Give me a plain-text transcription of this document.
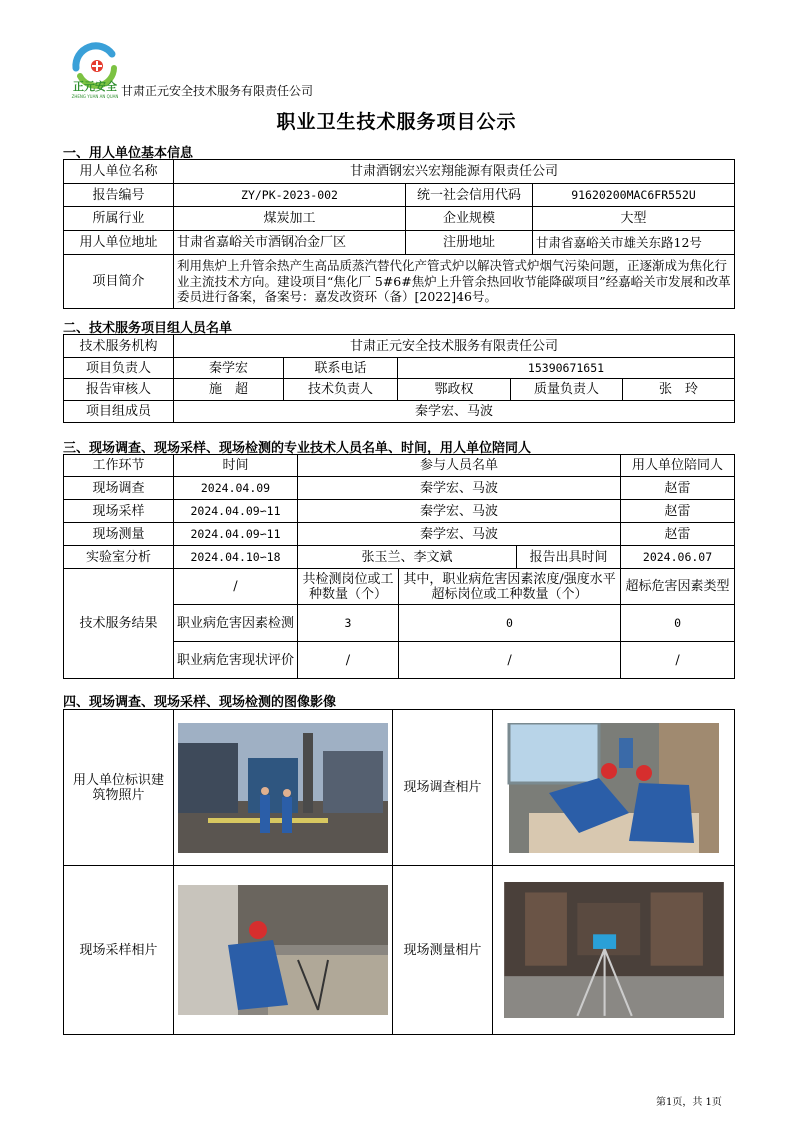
正元安全
ZHENG YUAN AN QUAN 甘肃正元安全技术服务有限责任公司
职业卫生技术服务项目公示
一、用人单位基本信息
用人单位名称	甘肃酒钢宏兴宏翔能源有限责任公司		
报告编号	ZY/PK-2023-002	统一社会信用代码	91620200MAC6FR552U
所属行业	煤炭加工	企业规模	大型
用人单位地址	甘肃省嘉峪关市酒钢冶金厂区	注册地址	甘肃省嘉峪关市雄关东路12号
项目简介	利用焦炉上升管余热产生高品质蒸汽替代化产管式炉以解决管式炉烟气污染问题，正逐渐成为焦化行业主流技术方向。建设项目“焦化厂 5#6#焦炉上升管余热回收节能降碳项目”经嘉峪关市发展和改革委员进行备案，备案号：嘉发改资环（备）[2022]46号。		
二、技术服务项目组人员名单
技术服务机构	甘肃正元安全技术服务有限责任公司				
项目负责人	秦学宏	联系电话	15390671651		
报告审核人	施　超	技术负责人	鄂政权	质量负责人	张　玲
项目组成员	秦学宏、马波				
三、现场调查、现场采样、现场检测的专业技术人员名单、时间，用人单位陪同人
工作环节	时间	参与人员名单			用人单位陪同人
现场调查	2024.04.09	秦学宏、马波			赵雷
现场采样	2024.04.09∽11	秦学宏、马波			赵雷
现场测量	2024.04.09∽11	秦学宏、马波			赵雷
实验室分析	2024.04.10∽18	张玉兰、李文斌		报告出具时间	2024.06.07
技术服务结果	/	共检测岗位或工种数量（个）	其中，职业病危害因素浓度/强度水平超标岗位或工种数量（个）		超标危害因素类型
	职业病危害因素检测	3	0		0
	职业病危害现状评价	/	/		/
四、现场调查、现场采样、现场检测的图像影像
用人单位标识建筑物照片		现场调查相片	

现场采样相片		现场测量相片	
第1页，共 1页
